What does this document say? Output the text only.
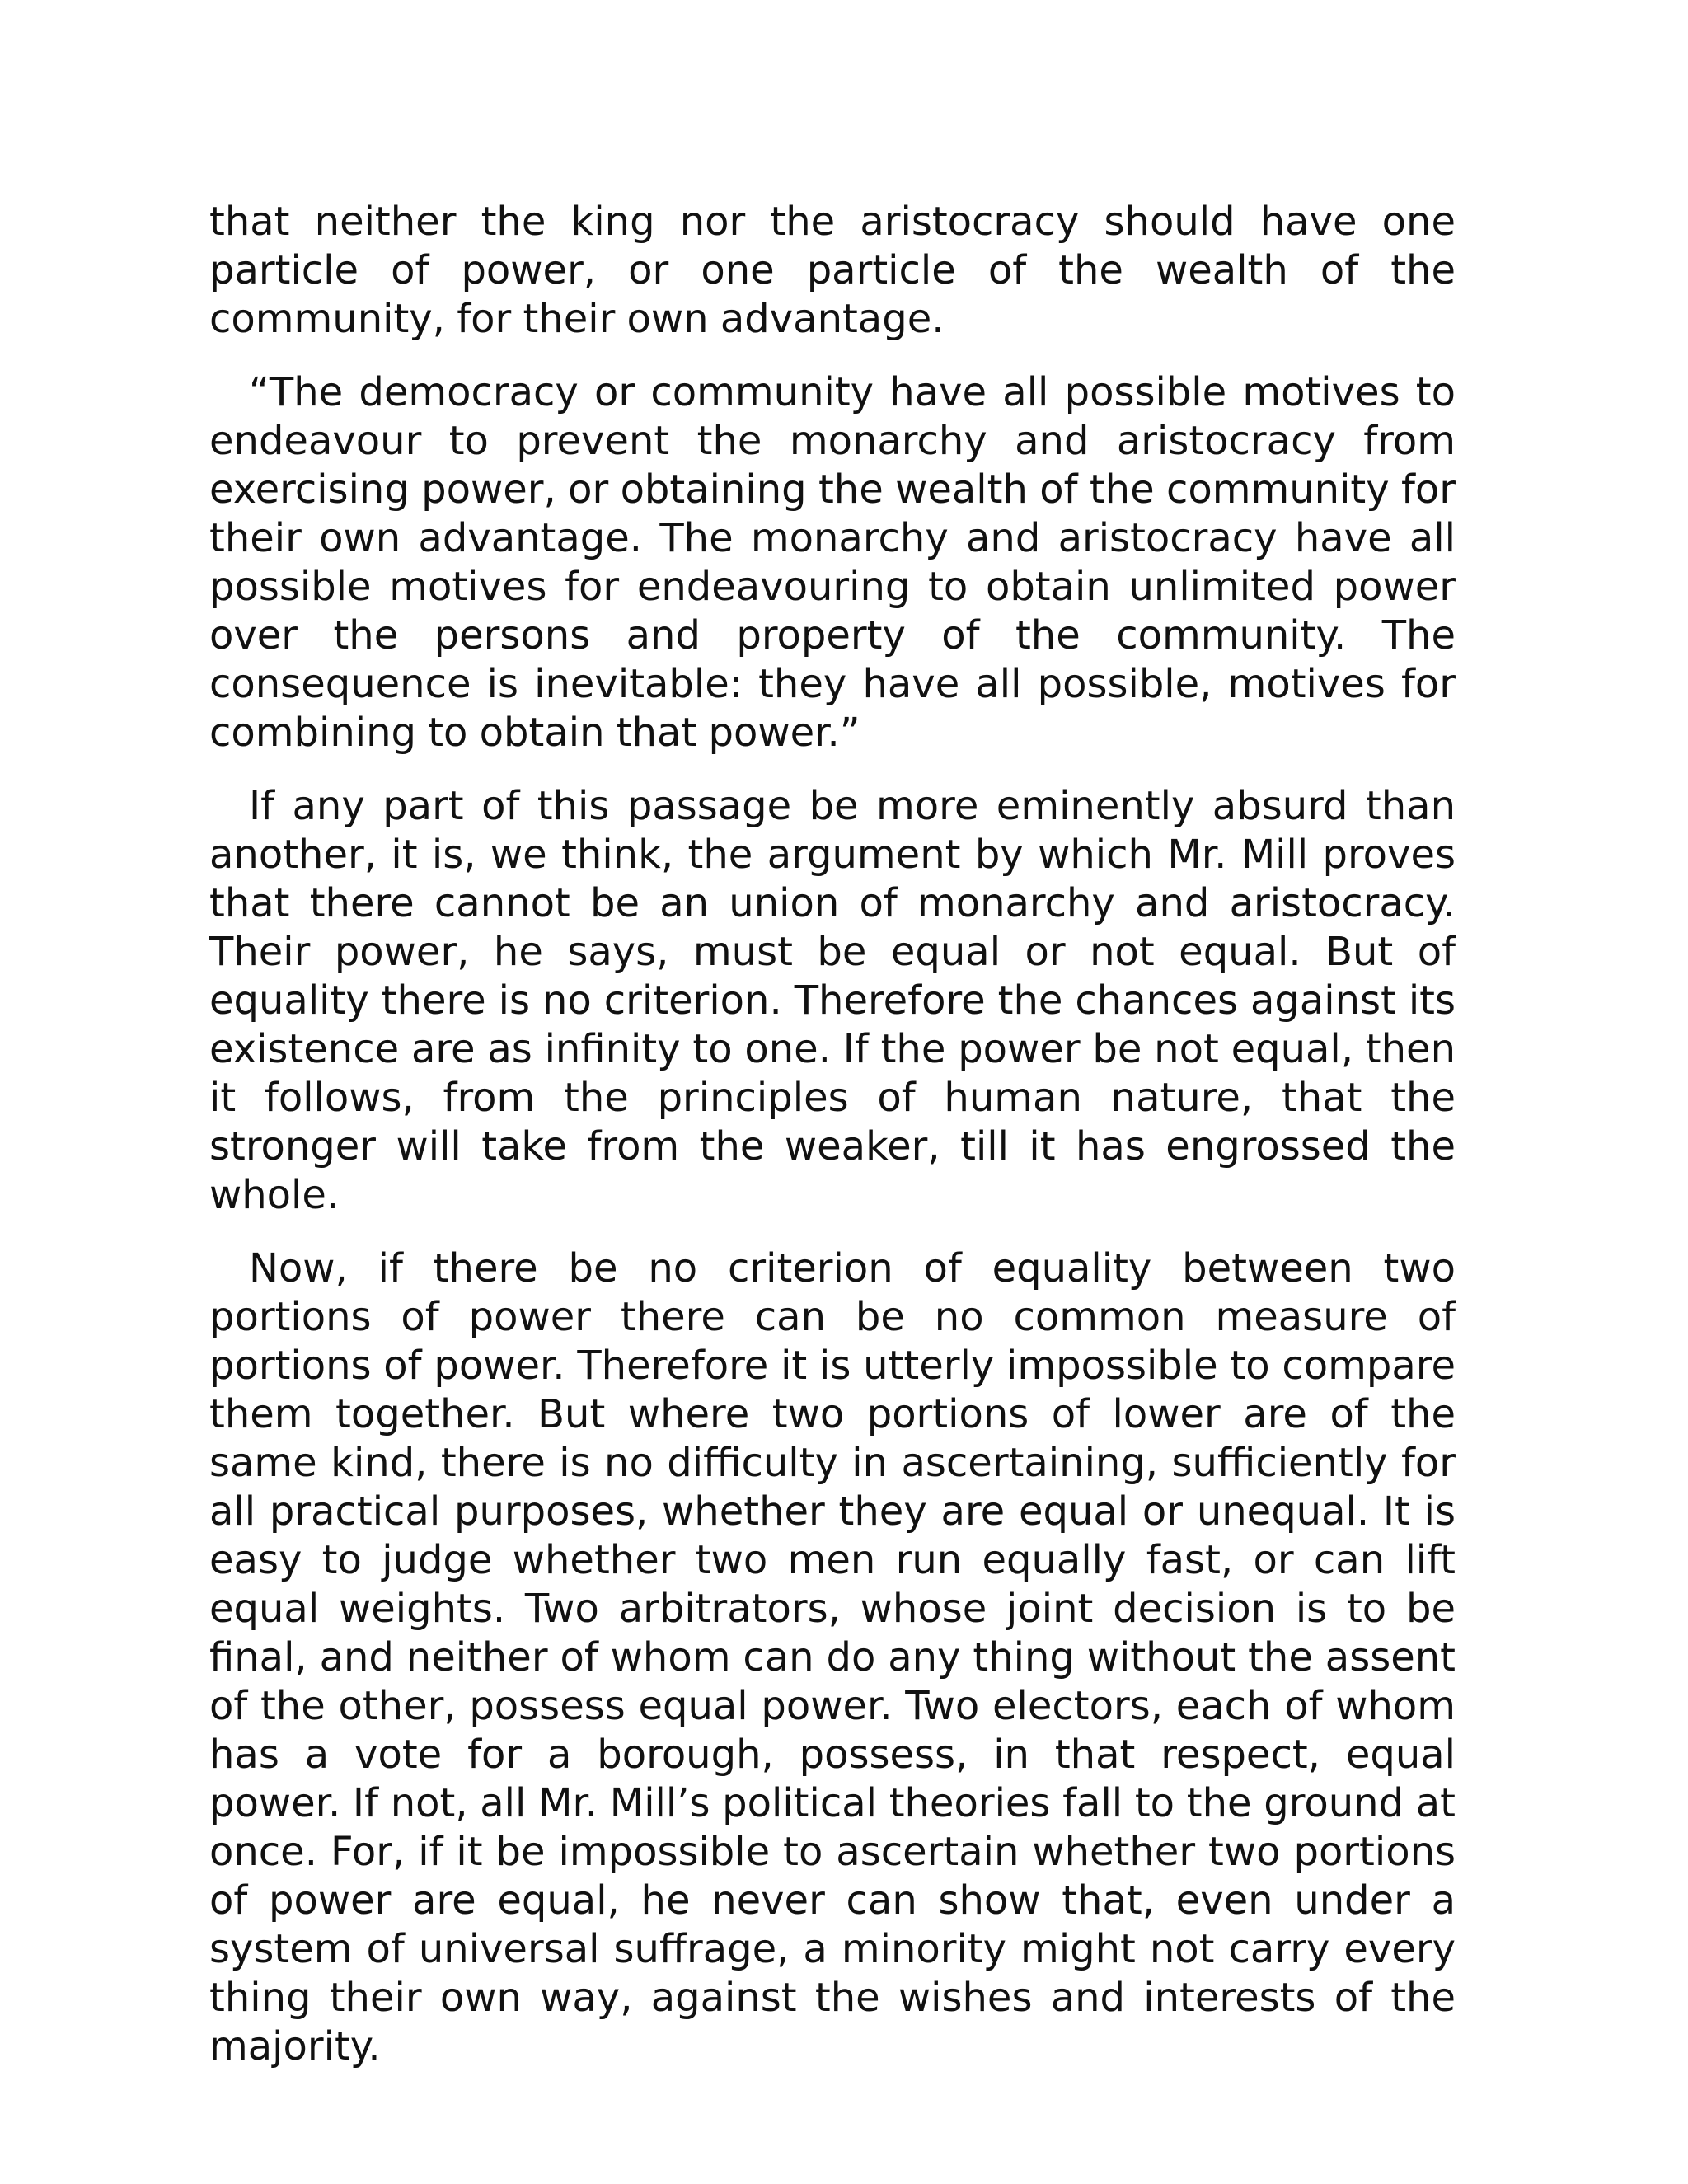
that neither the king nor the aristocracy should have one particle of power, or one particle of the wealth of the community, for their own advantage.

“The democracy or community have all possible motives to endeavour to prevent the monarchy and aristocracy from exercising power, or obtaining the wealth of the community for their own advantage. The monarchy and aristocracy have all possible motives for endeavouring to obtain unlimited power over the persons and property of the community. The consequence is inevitable: they have all possible, motives for combining to obtain that power.”

If any part of this passage be more eminently absurd than another, it is, we think, the argument by which Mr. Mill proves that there cannot be an union of monarchy and aristocracy. Their power, he says, must be equal or not equal. But of equality there is no criterion. Therefore the chances against its existence are as infinity to one. If the power be not equal, then it follows, from the principles of human nature, that the stronger will take from the weaker, till it has engrossed the whole.

Now, if there be no criterion of equality between two portions of power there can be no common measure of portions of power. Therefore it is utterly impossible to compare them together. But where two portions of lower are of the same kind, there is no difficulty in ascertaining, sufficiently for all practical purposes, whether they are equal or unequal. It is easy to judge whether two men run equally fast, or can lift equal weights. Two arbitrators, whose joint decision is to be final, and neither of whom can do any thing without the assent of the other, possess equal power. Two electors, each of whom has a vote for a borough, possess, in that respect, equal power. If not, all Mr. Mill’s political theories fall to the ground at once. For, if it be impossible to ascertain whether two portions of power are equal, he never can show that, even under a system of universal suffrage, a minority might not carry every thing their own way, against the wishes and interests of the majority.
